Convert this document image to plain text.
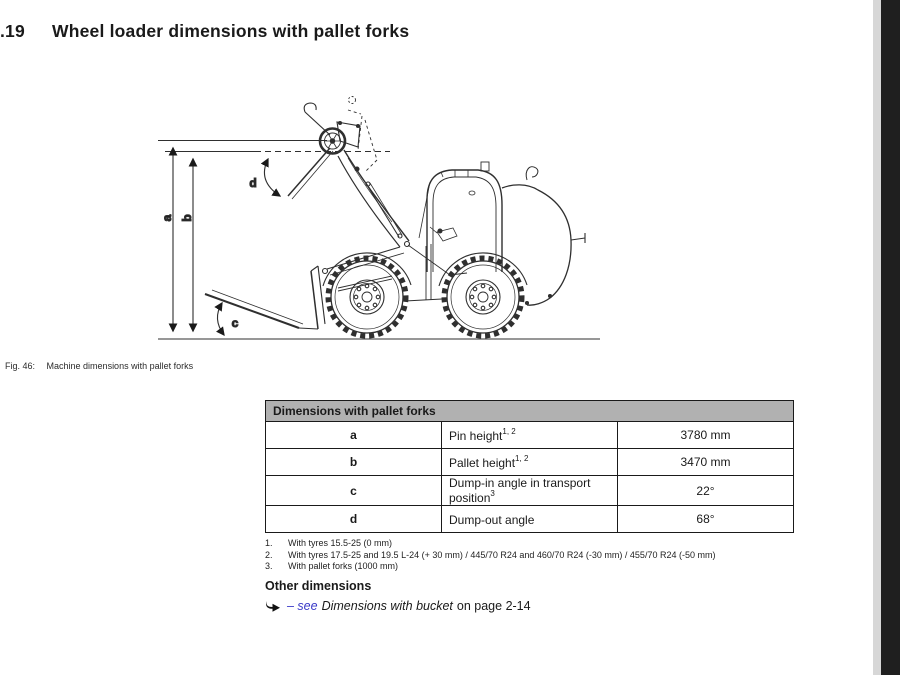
.19 Wheel loader dimensions with pallet forks
a b
d
c
Fig. 46: Machine dimensions with pallet forks
Dimensions with pallet forks		
a	Pin height$^{1, 2}$	3780 mm
b	Pallet height$^{1, 2}$	3470 mm
c	Dump-in angle in transport position$^3$	22°
d	Dump-out angle	68°
1.	With tyres 15.5-25 (0 mm)
2.	With tyres 17.5-25 and 19.5 L-24 (+ 30 mm) / 445/70 R24 and 460/70 R24 (-30 mm) / 455/70 R24 (-50 mm)
3.	With pallet forks (1000 mm)
Other dimensions
– see Dimensions with bucket on page 2-14
